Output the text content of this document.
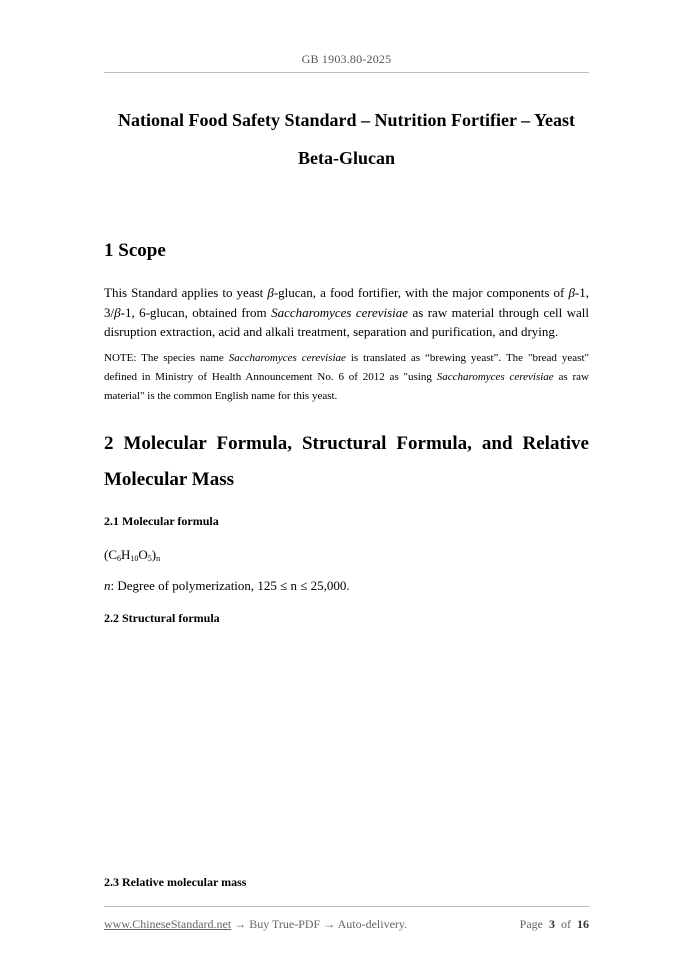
GB 1903.80-2025
National Food Safety Standard – Nutrition Fortifier – Yeast
Beta-Glucan
1 Scope

This Standard applies to yeast β-glucan, a food fortifier, with the major components of β-1, 3/β-1, 6-glucan, obtained from Saccharomyces cerevisiae as raw material through cell wall disruption extraction, acid and alkali treatment, separation and purification, and drying.

NOTE: The species name Saccharomyces cerevisiae is translated as “brewing yeast”. The "bread yeast" defined in Ministry of Health Announcement No. 6 of 2012 as "using Saccharomyces cerevisiae as raw material" is the common English name for this yeast.

2 Molecular Formula, Structural Formula, and Relative
Molecular Mass

2.1 Molecular formula

$(C_6H_{10}O_5)_n$

n: Degree of polymerization, 125 ≤ n ≤ 25,000.

2.2 Structural formula

2.3 Relative molecular mass

www.ChineseStandard.net → Buy True-PDF → Auto-delivery.	Page 3 of 16
